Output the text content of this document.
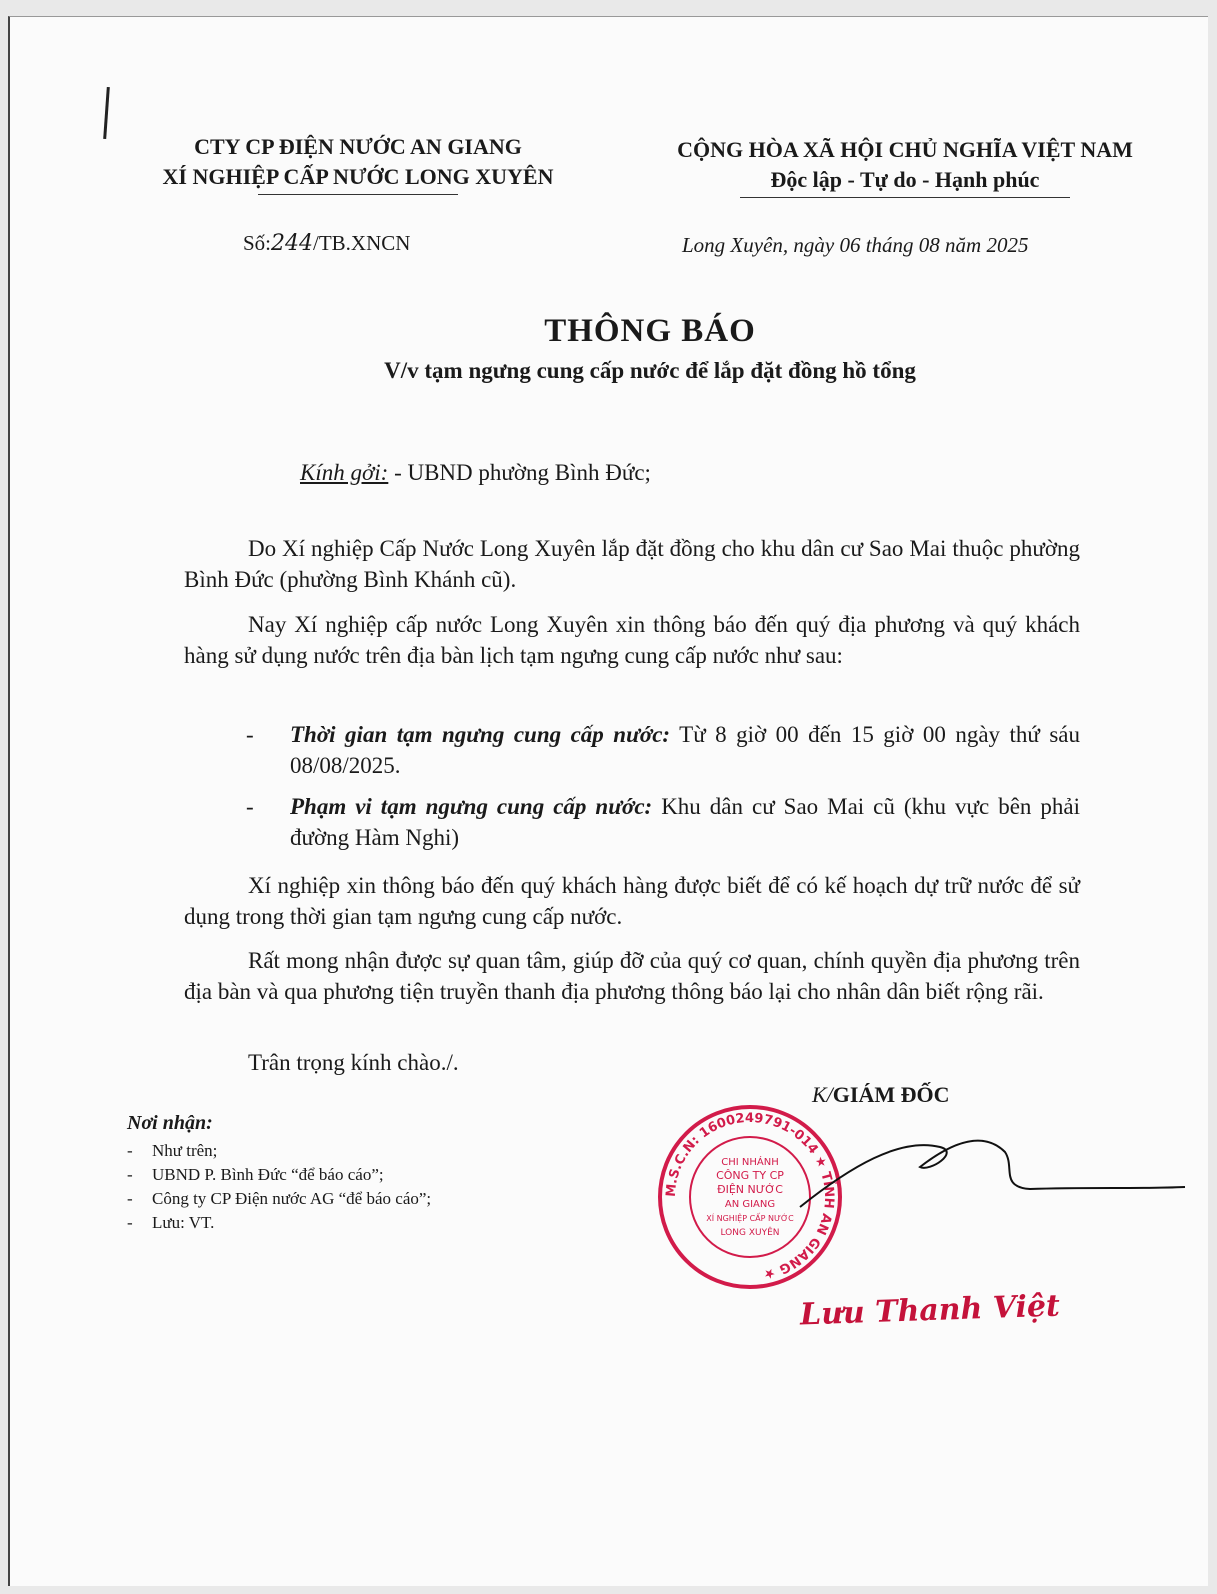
CTY CP ĐIỆN NƯỚC AN GIANG
XÍ NGHIỆP CẤP NƯỚC LONG XUYÊN
CỘNG HÒA XÃ HỘI CHỦ NGHĨA VIỆT NAM
Độc lập - Tự do - Hạnh phúc
Số:244/TB.XNCN	Long Xuyên, ngày 06 tháng 08 năm 2025
THÔNG BÁO
V/v tạm ngưng cung cấp nước để lắp đặt đồng hồ tổng
Kính gởi: - UBND phường Bình Đức;

Do Xí nghiệp Cấp Nước Long Xuyên lắp đặt đồng cho khu dân cư Sao Mai thuộc phường Bình Đức (phường Bình Khánh cũ).

Nay Xí nghiệp cấp nước Long Xuyên xin thông báo đến quý địa phương và quý khách hàng sử dụng nước trên địa bàn lịch tạm ngưng cung cấp nước như sau:

- Thời gian tạm ngưng cung cấp nước: Từ 8 giờ 00 đến 15 giờ 00 ngày thứ sáu 08/08/2025.
- Phạm vi tạm ngưng cung cấp nước: Khu dân cư Sao Mai cũ (khu vực bên phải đường Hàm Nghi)

Xí nghiệp xin thông báo đến quý khách hàng được biết để có kế hoạch dự trữ nước để sử dụng trong thời gian tạm ngưng cung cấp nước.

Rất mong nhận được sự quan tâm, giúp đỡ của quý cơ quan, chính quyền địa phương trên địa bàn và qua phương tiện truyền thanh địa phương thông báo lại cho nhân dân biết rộng rãi.

Trân trọng kính chào./.

Nơi nhận:
- Như trên;
- UBND P. Bình Đức “để báo cáo”;
- Công ty CP Điện nước AG “để báo cáo”;
- Lưu: VT.
K/GIÁM ĐỐC
M.S.C.N: 1600249791-014 ★ TỈNH AN GIANG ★
CHI NHÁNH
CÔNG TY CP
ĐIỆN NƯỚC
AN GIANG
XÍ NGHIỆP CẤP NƯỚC
LONG XUYÊN
Lưu Thanh Việt
